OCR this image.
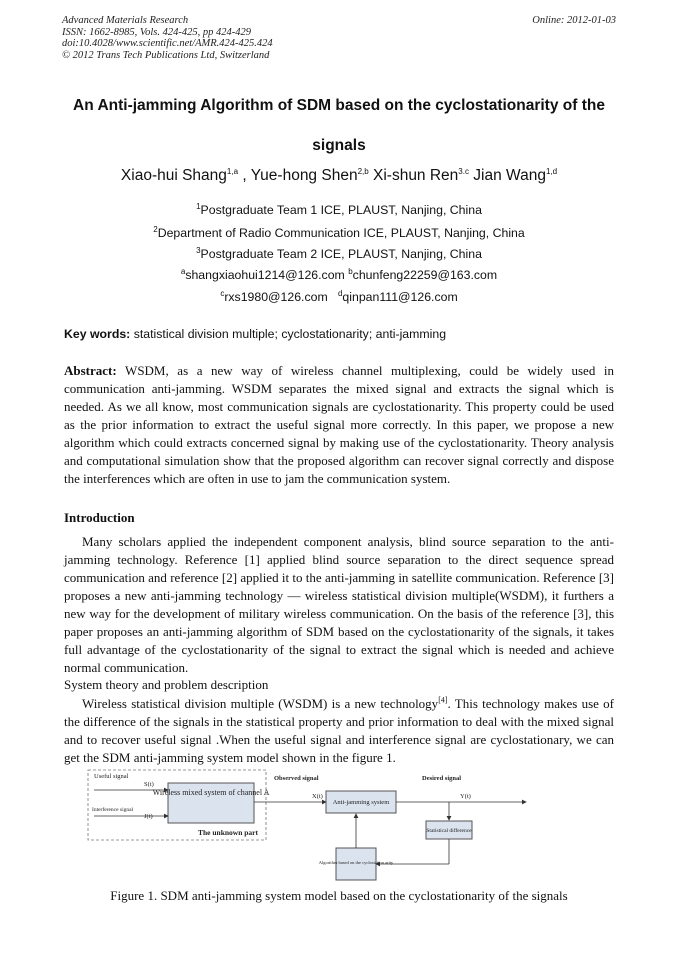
Advanced Materials Research
ISSN: 1662-8985, Vols. 424-425, pp 424-429
doi:10.4028/www.scientific.net/AMR.424-425.424
© 2012 Trans Tech Publications Ltd, Switzerland
Online: 2012-01-03
An Anti-jamming Algorithm of SDM based on the cyclostationarity of the
signals
Xiao-hui Shang$^{1,a}$ , Yue-hong Shen$^{2,b}$ Xi-shun Ren$^{3.c}$ Jian Wang$^{1,d}$
$^1$Postgraduate Team 1 ICE, PLAUST, Nanjing, China
$^2$Department of Radio Communication ICE, PLAUST, Nanjing, China
$^3$Postgraduate Team 2 ICE, PLAUST, Nanjing, China
$^a$shangxiaohui1214@126.com $^b$chunfeng22259@163.com
$^c$rxs1980@126.com $^d$qinpan111@126.com
Key words: statistical division multiple; cyclostationarity; anti-jamming
Abstract: WSDM, as a new way of wireless channel multiplexing, could be widely used in communication anti-jamming. WSDM separates the mixed signal and extracts the signal which is needed. As we all know, most communication signals are cyclostationarity. This property could be used as the prior information to extract the useful signal more correctly. In this paper, we propose a new algorithm which could extracts concerned signal by making use of the cyclostationarity. Theory analysis and computational simulation show that the proposed algorithm can recover signal correctly and dispose the interferences which are often in use to jam the communication system.
Introduction
Many scholars applied the independent component analysis, blind source separation to the anti-jamming technology. Reference [1] applied blind source separation to the direct sequence spread communication and reference [2] applied it to the anti-jamming in satellite communication. Reference [3] proposes a new anti-jamming technology — wireless statistical division multiple(WSDM), it furthers a new way for the development of military wireless communication. On the basis of the reference [3], this paper proposes an anti-jamming algorithm of SDM based on the cyclostationarity of the signals, it takes full advantage of the cyclostationarity of the signal to extract the signal which is needed and achieve normal communication.
System theory and problem description
Wireless statistical division multiple (WSDM) is a new technology[4]. This technology makes use of the difference of the signals in the statistical property and prior information to deal with the mixed signal and to recover useful signal .When the useful signal and interference signal are cyclostationary, we can get the SDM anti-jamming system model shown in the figure 1.
Wireless mixed system of channel A
The unknown part
Useful signal
S(t)
Interference signal
J(t)
Observed signal
X(t)
Anti-jamming system
Desired signal
Y(t)
Statistical difference
Algorithm based on the cyclostation arity
Figure 1. SDM anti-jamming system model based on the cyclostationarity of the signals
